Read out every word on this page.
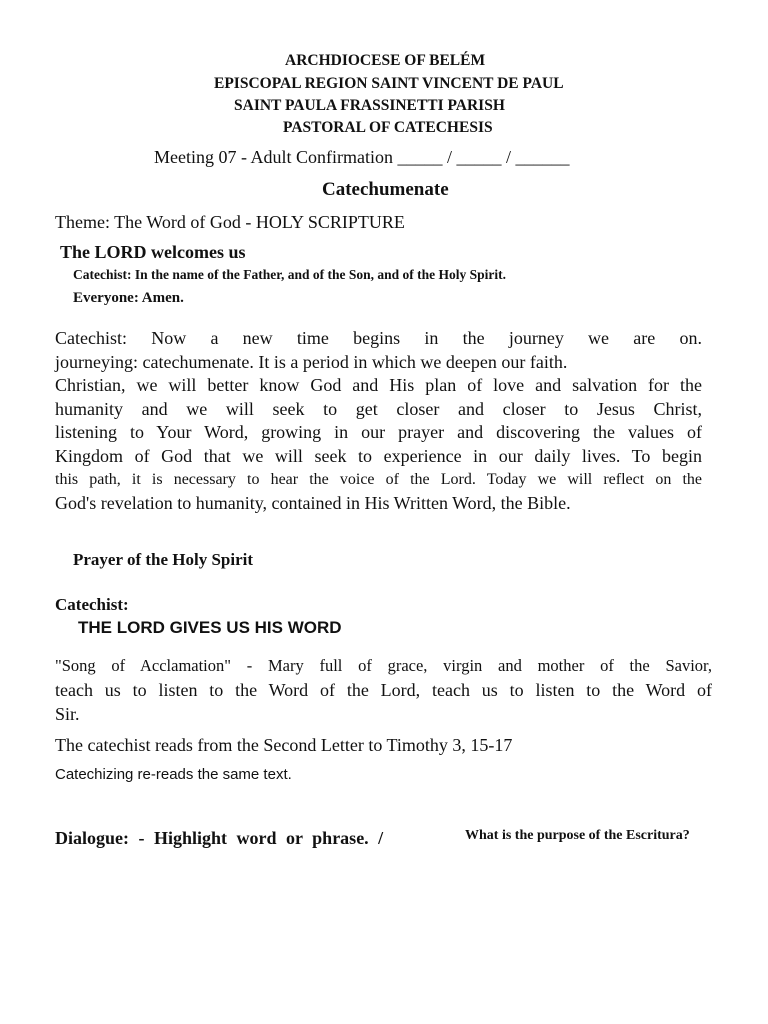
ARCHDIOCESE OF BELÉM
EPISCOPAL REGION SAINT VINCENT DE PAUL
SAINT PAULA FRASSINETTI PARISH
PASTORAL OF CATECHESIS
Meeting 07 - Adult Confirmation _____ / _____ / ______
Catechumenate
Theme: The Word of God - HOLY SCRIPTURE
The LORD welcomes us
Catechist: In the name of the Father, and of the Son, and of the Holy Spirit.
Everyone: Amen.
Catechist: Now a new time begins in the journey we are on.
journeying: catechumenate. It is a period in which we deepen our faith.
Christian, we will better know God and His plan of love and salvation for the
humanity and we will seek to get closer and closer to Jesus Christ,
listening to Your Word, growing in our prayer and discovering the values of
Kingdom of God that we will seek to experience in our daily lives. To begin
this path, it is necessary to hear the voice of the Lord. Today we will reflect on the
God's revelation to humanity, contained in His Written Word, the Bible.
Prayer of the Holy Spirit
Catechist:
THE LORD GIVES US HIS WORD
"Song of Acclamation" - Mary full of grace, virgin and mother of the Savior,
teach us to listen to the Word of the Lord, teach us to listen to the Word of
Sir.
The catechist reads from the Second Letter to Timothy 3, 15-17
Catechizing re-reads the same text.
Dialogue: - Highlight word or phrase. /	What is the purpose of the Escritura?
